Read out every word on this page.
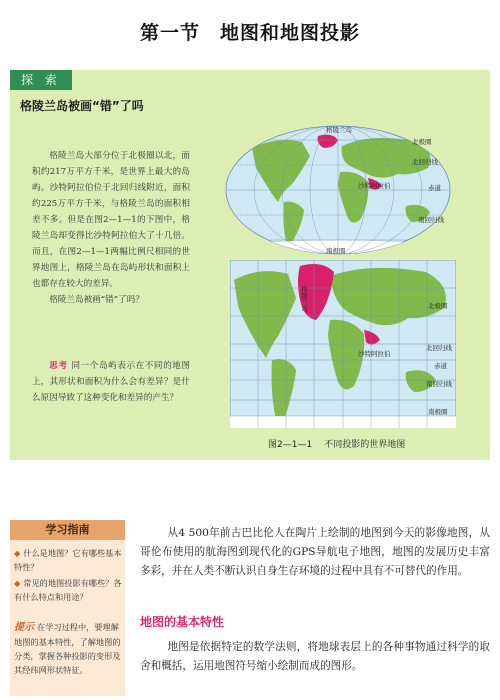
第一节　地图和地图投影
探 索
格陵兰岛被画“错”了吗

格陵兰岛大部分位于北极圈以北，面积约217万平方千米，是世界上最大的岛屿。沙特阿拉伯位于北回归线附近，面积约225万平方千米，与格陵兰岛的面积相差不多。但是在图2—1—1的下图中，格陵兰岛却变得比沙特阿拉伯大了十几倍。而且，在图2—1—1两幅比例尺相同的世界地图上，格陵兰岛在岛屿形状和面积上也都存在较大的差异。

格陵兰岛被画“错”了吗？

思考 同一个岛屿表示在不同的地图上，其形状和面积为什么会有差异？是什么原因导致了这种变化和差异的产生？
格陵兰岛
北极圈
北回归线
沙特阿拉伯	赤道
南回归线
南极圈
格陵兰岛	北极圈
北回归线
沙特阿拉伯
赤道
南回归线
南极圈
图2—1—1 不同投影的世界地图
学习指南
◆ 什么是地图？它有哪些基本特性？
◆ 常见的地图投影有哪些？各有什么特点和用途？
提示 在学习过程中，要理解地图的基本特性，了解地图的分类，掌握各种投影的变形及其经纬网形状特征。

从4 500年前古巴比伦人在陶片上绘制的地图到今天的影像地图，从哥伦布使用的航海图到现代化的GPS导航电子地图，地图的发展历史丰富多彩，并在人类不断认识自身生存环境的过程中具有不可替代的作用。

地图的基本特性
地图是依据特定的数学法则，将地球表层上的各种事物通过科学的取舍和概括，运用地图符号缩小绘制而成的图形。
